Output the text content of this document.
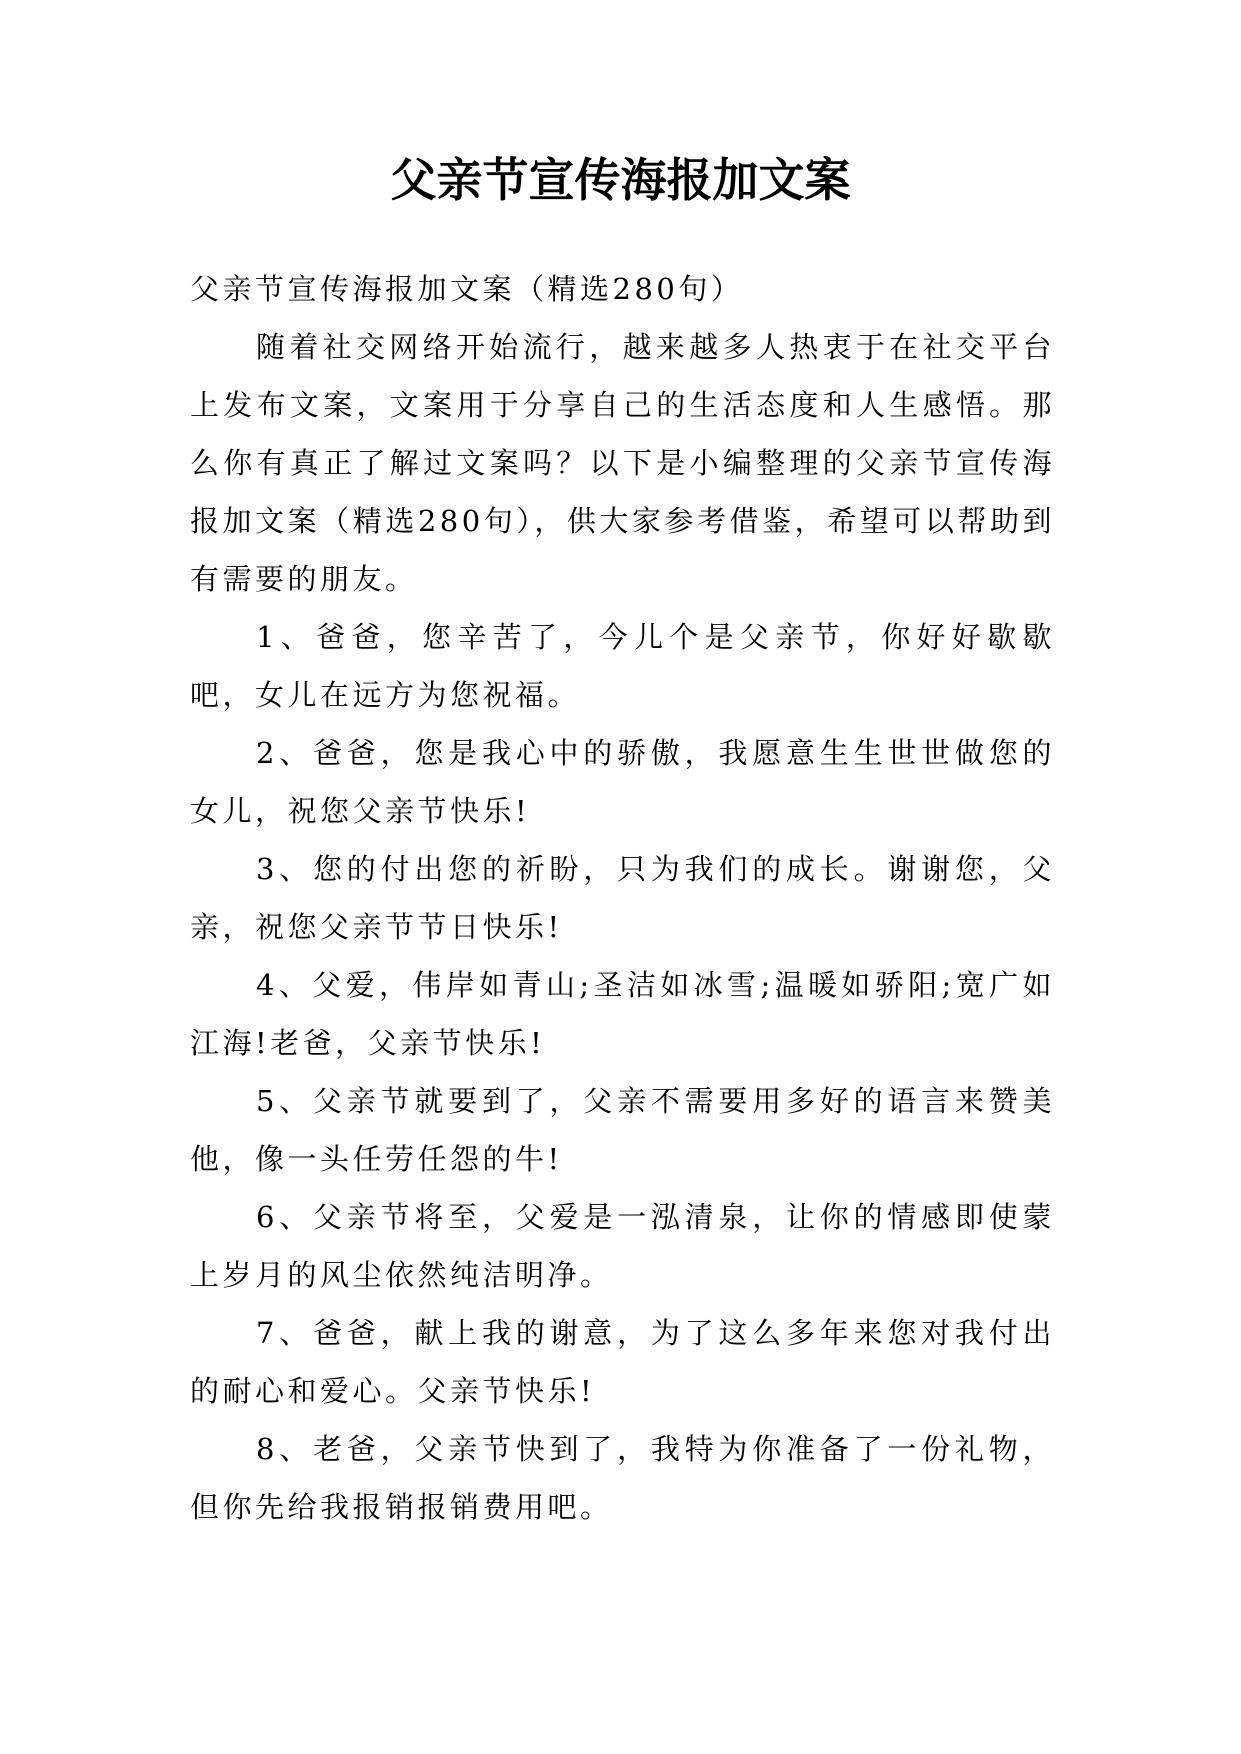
父亲节宣传海报加文案

父亲节宣传海报加文案（精选280句）

随着社交网络开始流行，越来越多人热衷于在社交平台上发布文案，文案用于分享自己的生活态度和人生感悟。那么你有真正了解过文案吗？以下是小编整理的父亲节宣传海报加文案（精选280句），供大家参考借鉴，希望可以帮助到有需要的朋友。

1、爸爸，您辛苦了，今儿个是父亲节，你好好歇歇吧，女儿在远方为您祝福。

2、爸爸，您是我心中的骄傲，我愿意生生世世做您的女儿，祝您父亲节快乐!

3、您的付出您的祈盼，只为我们的成长。谢谢您，父亲，祝您父亲节节日快乐!

4、父爱，伟岸如青山;圣洁如冰雪;温暖如骄阳;宽广如江海!老爸，父亲节快乐!

5、父亲节就要到了，父亲不需要用多好的语言来赞美他，像一头任劳任怨的牛!

6、父亲节将至，父爱是一泓清泉，让你的情感即使蒙上岁月的风尘依然纯洁明净。

7、爸爸，献上我的谢意，为了这么多年来您对我付出的耐心和爱心。父亲节快乐!

8、老爸，父亲节快到了，我特为你准备了一份礼物，但你先给我报销报销费用吧。
